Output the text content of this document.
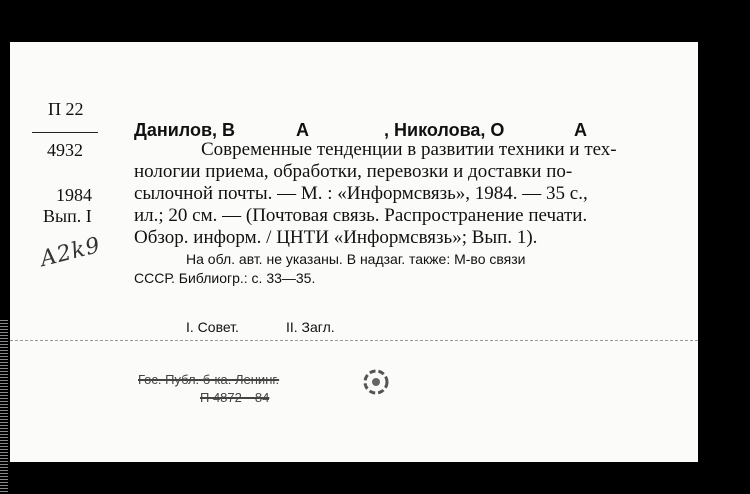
П 22
4932
1984
Вып. I
A2k9
Данилов, В	А	, Николова, О	А
Современные тенденции в развитии техники и тех-
нологии приема, обработки, перевозки и доставки по-
сылочной почты. — М. : «Информсвязь», 1984. — 35 с.,
ил.; 20 см. — (Почтовая связь. Распространение печати.
Обзор. информ. / ЦНТИ «Информсвязь»; Вып. 1).
На обл. авт. не указаны. В надзаг. также: М-во связи
СССР. Библиогр.: с. 33—35.
I. Совет.	II. Загл.
Гос. Публ. б-ка. Ленинг.
П 4872—84
